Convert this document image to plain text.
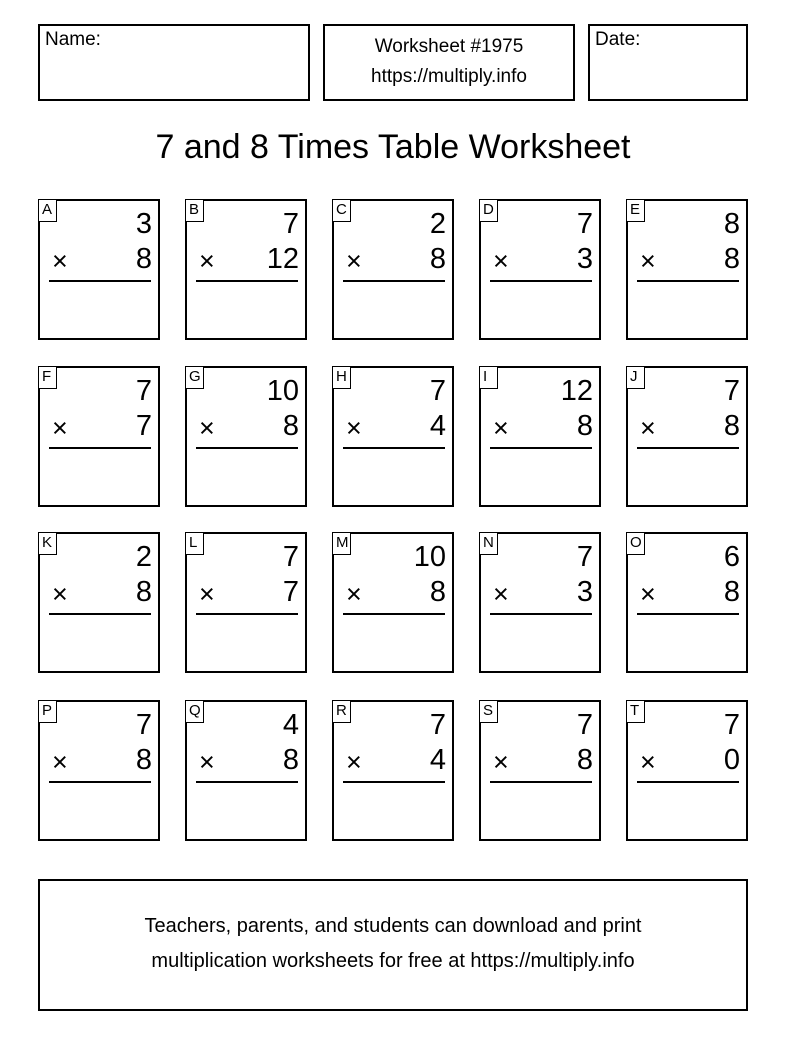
Name:	Worksheet #1975
https://multiply.info
Date:
7 and 8 Times Table Worksheet
A	3
× 8
B	7
× 12
C	2
× 8
D	7
× 3
E	8
× 8
F	7
× 7
G 10
× 8
H	7
× 4
I	12
× 8
J	7
× 8
K	2
× 8
L	7
× 7
M 10
× 8
N	7
× 3
O	6
× 8
P	7
× 8
Q	4
× 8
R	7
× 4
S	7
× 8
T	7
× 0
Teachers, parents, and students can download and print
multiplication worksheets for free at https://multiply.info
